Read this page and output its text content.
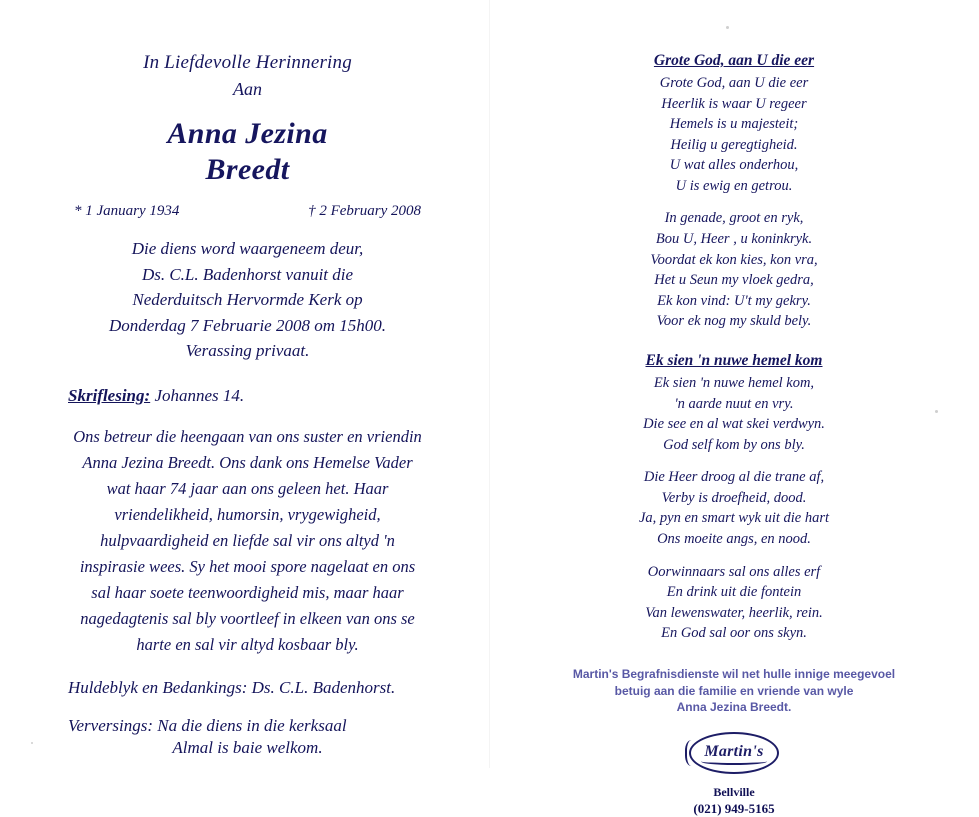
In Liefdevolle Herinnering
Aan
Anna Jezina
Breedt
* 1 January 1934	† 2 February 2008
Die diens word waargeneem deur,
Ds. C.L. Badenhorst vanuit die
Nederduitsch Hervormde Kerk op
Donderdag 7 Februarie 2008 om 15h00.
Verassing privaat.
Skriflesing: Johannes 14.
Ons betreur die heengaan van ons suster en vriendin
Anna Jezina Breedt. Ons dank ons Hemelse Vader
wat haar 74 jaar aan ons geleen het. Haar
vriendelikheid, humorsin, vrygewigheid,
hulpvaardigheid en liefde sal vir ons altyd 'n
inspirasie wees. Sy het mooi spore nagelaat en ons
sal haar soete teenwoordigheid mis, maar haar
nagedagtenis sal bly voortleef in elkeen van ons se
harte en sal vir altyd kosbaar bly.
Huldeblyk en Bedankings: Ds. C.L. Badenhorst.
Verversings: Na die diens in die kerksaal
Almal is baie welkom.
Grote God, aan U die eer
Grote God, aan U die eer
Heerlik is waar U regeer
Hemels is u majesteit;
Heilig u geregtigheid.
U wat alles onderhou,
U is ewig en getrou.
In genade, groot en ryk,
Bou U, Heer , u koninkryk.
Voordat ek kon kies, kon vra,
Het u Seun my vloek gedra,
Ek kon vind: U't my gekry.
Voor ek nog my skuld bely.
Ek sien 'n nuwe hemel kom
Ek sien 'n nuwe hemel kom,
'n aarde nuut en vry.
Die see en al wat skei verdwyn.
God self kom by ons bly.
Die Heer droog al die trane af,
Verby is droefheid, dood.
Ja, pyn en smart wyk uit die hart
Ons moeite angs, en nood.
Oorwinnaars sal ons alles erf
En drink uit die fontein
Van lewenswater, heerlik, rein.
En God sal oor ons skyn.
Martin's Begrafnisdienste wil net hulle innige meegevoel
betuig aan die familie en vriende van wyle
Anna Jezina Breedt.
Martin's
Bellville
(021) 949-5165
